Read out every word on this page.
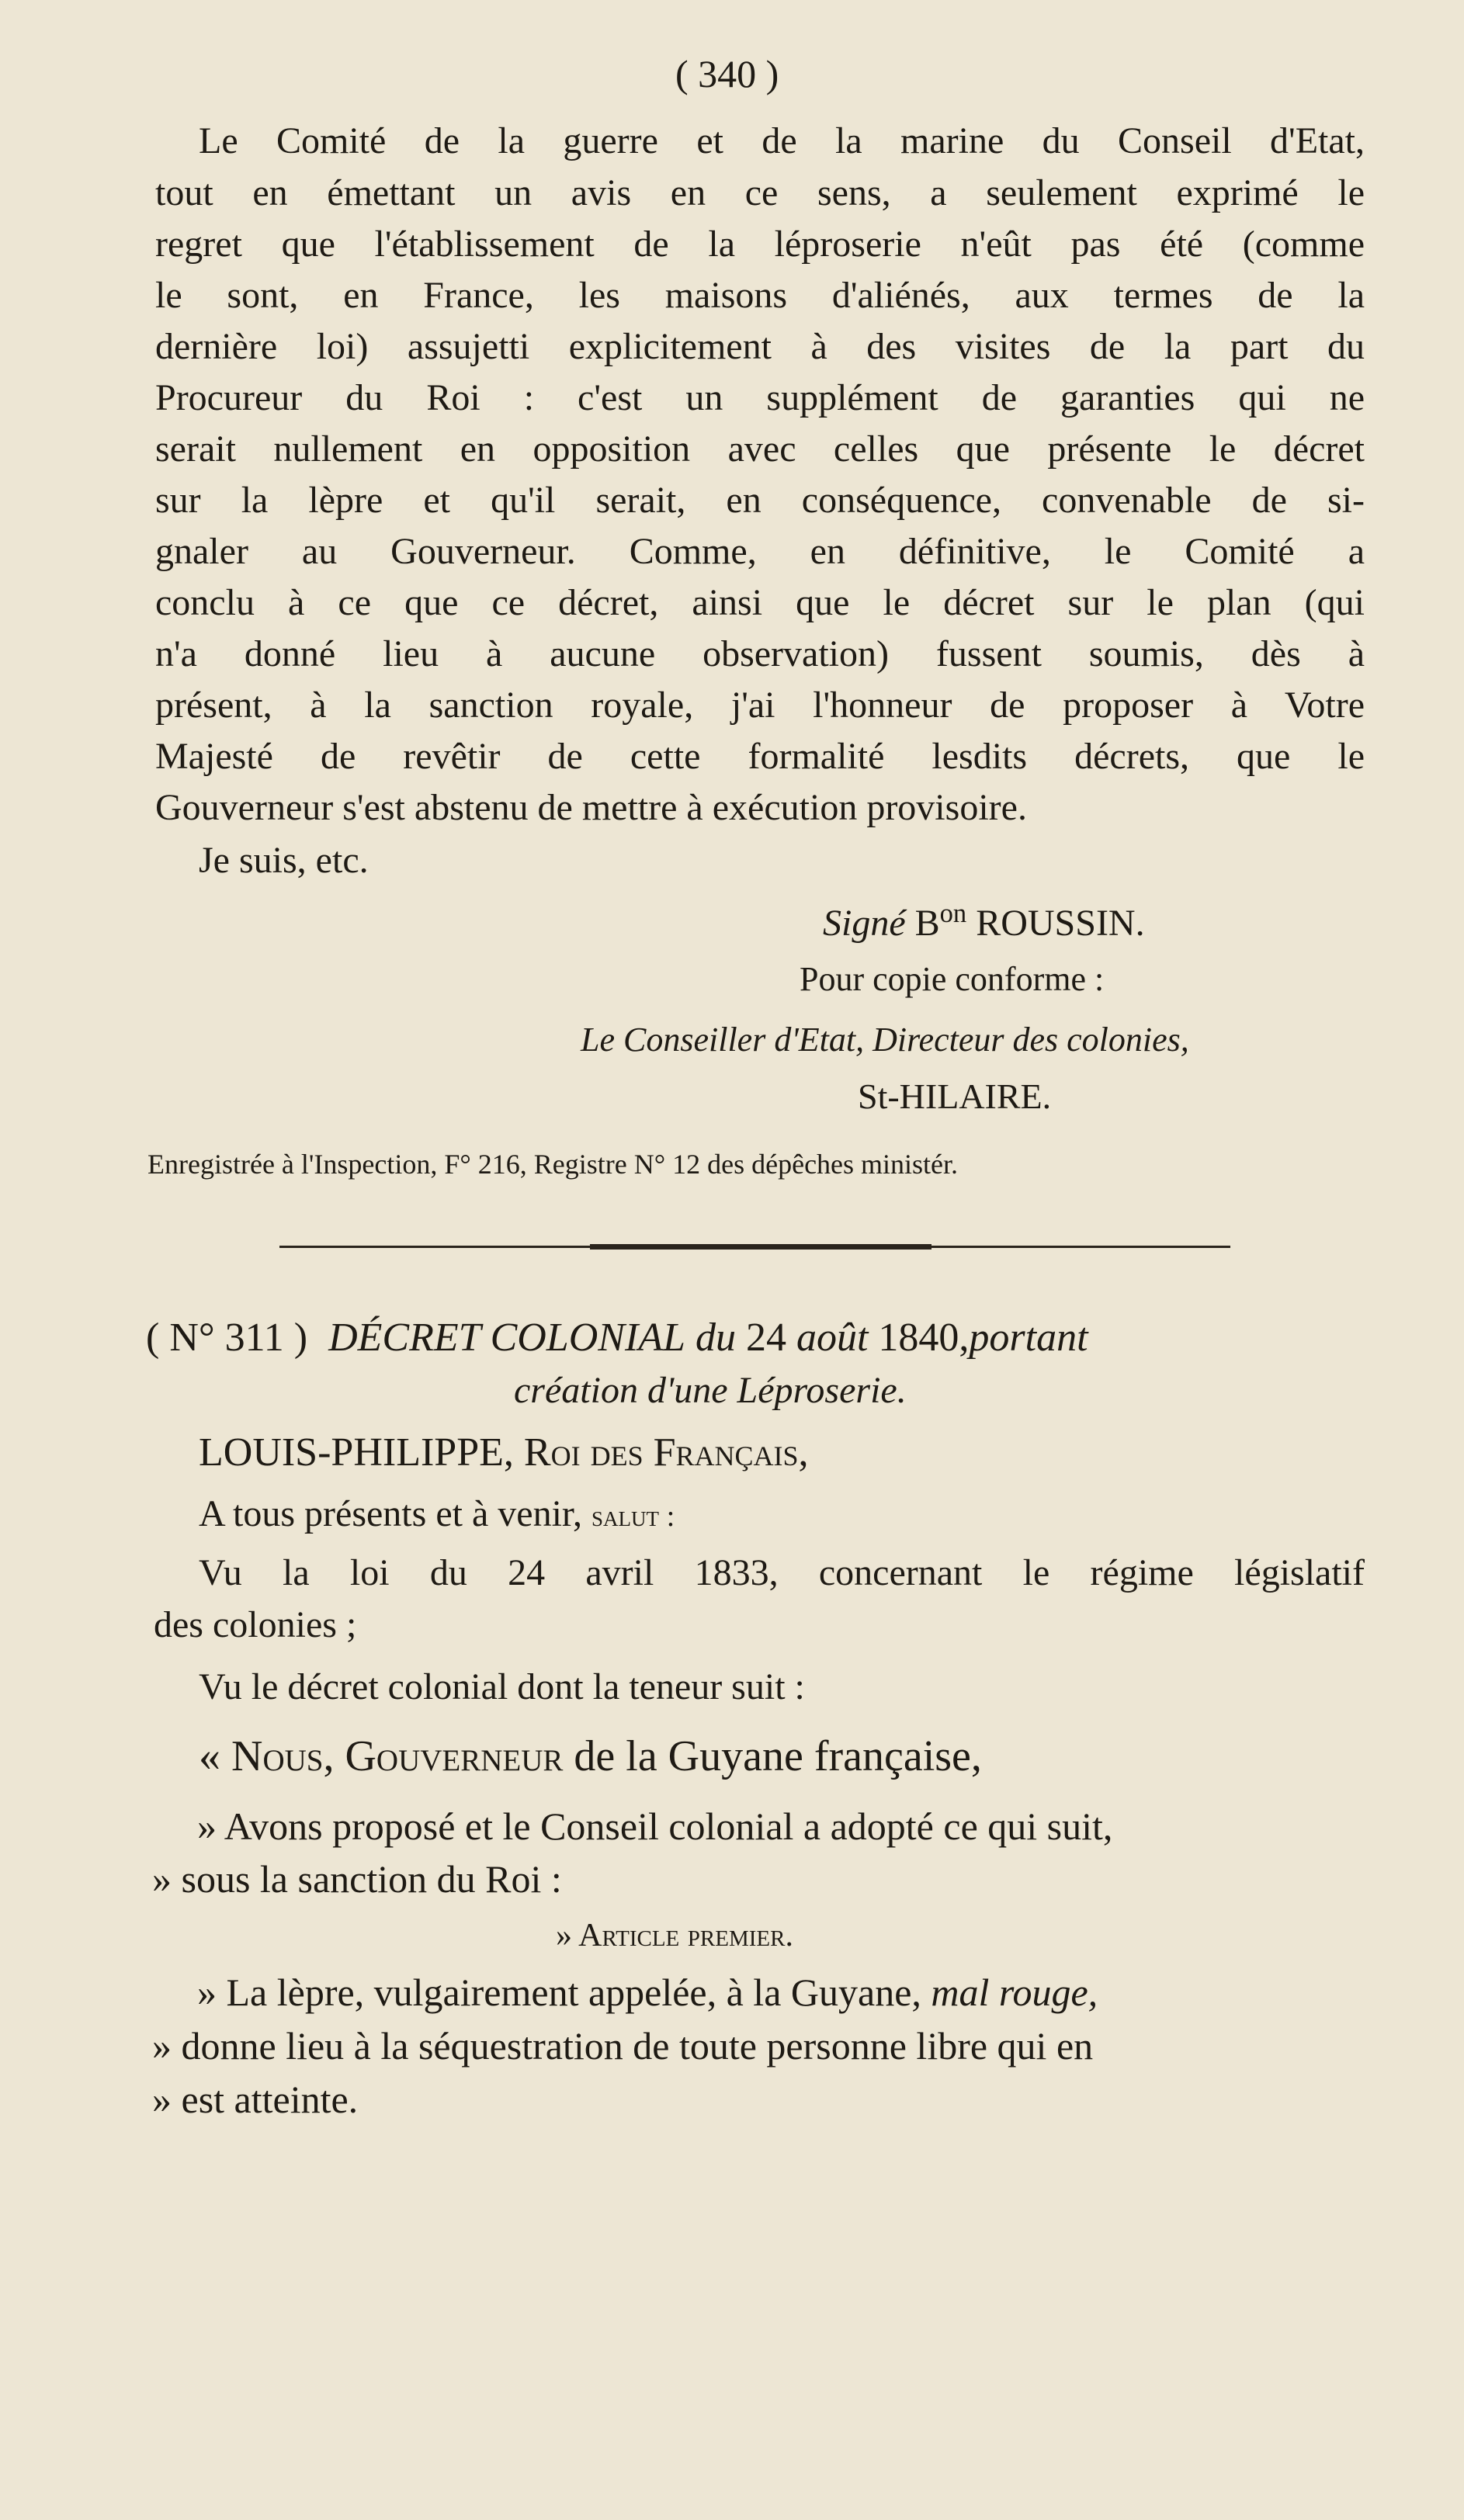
( 340 )
Le Comité de la guerre et de la marine du Conseil d'Etat,
tout en émettant un avis en ce sens, a seulement exprimé le
regret que l'établissement de la léproserie n'eût pas été (comme
le sont, en France, les maisons d'aliénés, aux termes de la
dernière loi) assujetti explicitement à des visites de la part du
Procureur du Roi : c'est un supplément de garanties qui ne
serait nullement en opposition avec celles que présente le décret
sur la lèpre et qu'il serait, en conséquence, convenable de si-
gnaler au Gouverneur. Comme, en définitive, le Comité a
conclu à ce que ce décret, ainsi que le décret sur le plan (qui
n'a donné lieu à aucune observation) fussent soumis, dès à
présent, à la sanction royale, j'ai l'honneur de proposer à Votre
Majesté de revêtir de cette formalité lesdits décrets, que le
Gouverneur s'est abstenu de mettre à exécution provisoire.
Je suis, etc.
Signé $B^{on}$ ROUSSIN.
Pour copie conforme :
Le Conseiller d'Etat, Directeur des colonies,
St-HILAIRE.
Enregistrée à l'Inspection, F° 216, Registre N° 12 des dépêches ministér.
( N° 311 ) DÉCRET COLONIAL du 24 août 1840,portant
création d'une Léproserie.
LOUIS-PHILIPPE, Roi des Français,
A tous présents et à venir, salut :
Vu la loi du 24 avril 1833, concernant le régime législatif
des colonies ;
Vu le décret colonial dont la teneur suit :
« Nous, Gouverneur de la Guyane française,
» Avons proposé et le Conseil colonial a adopté ce qui suit,
» sous la sanction du Roi :
» Article premier.
» La lèpre, vulgairement appelée, à la Guyane, mal rouge,
» donne lieu à la séquestration de toute personne libre qui en
» est atteinte.
